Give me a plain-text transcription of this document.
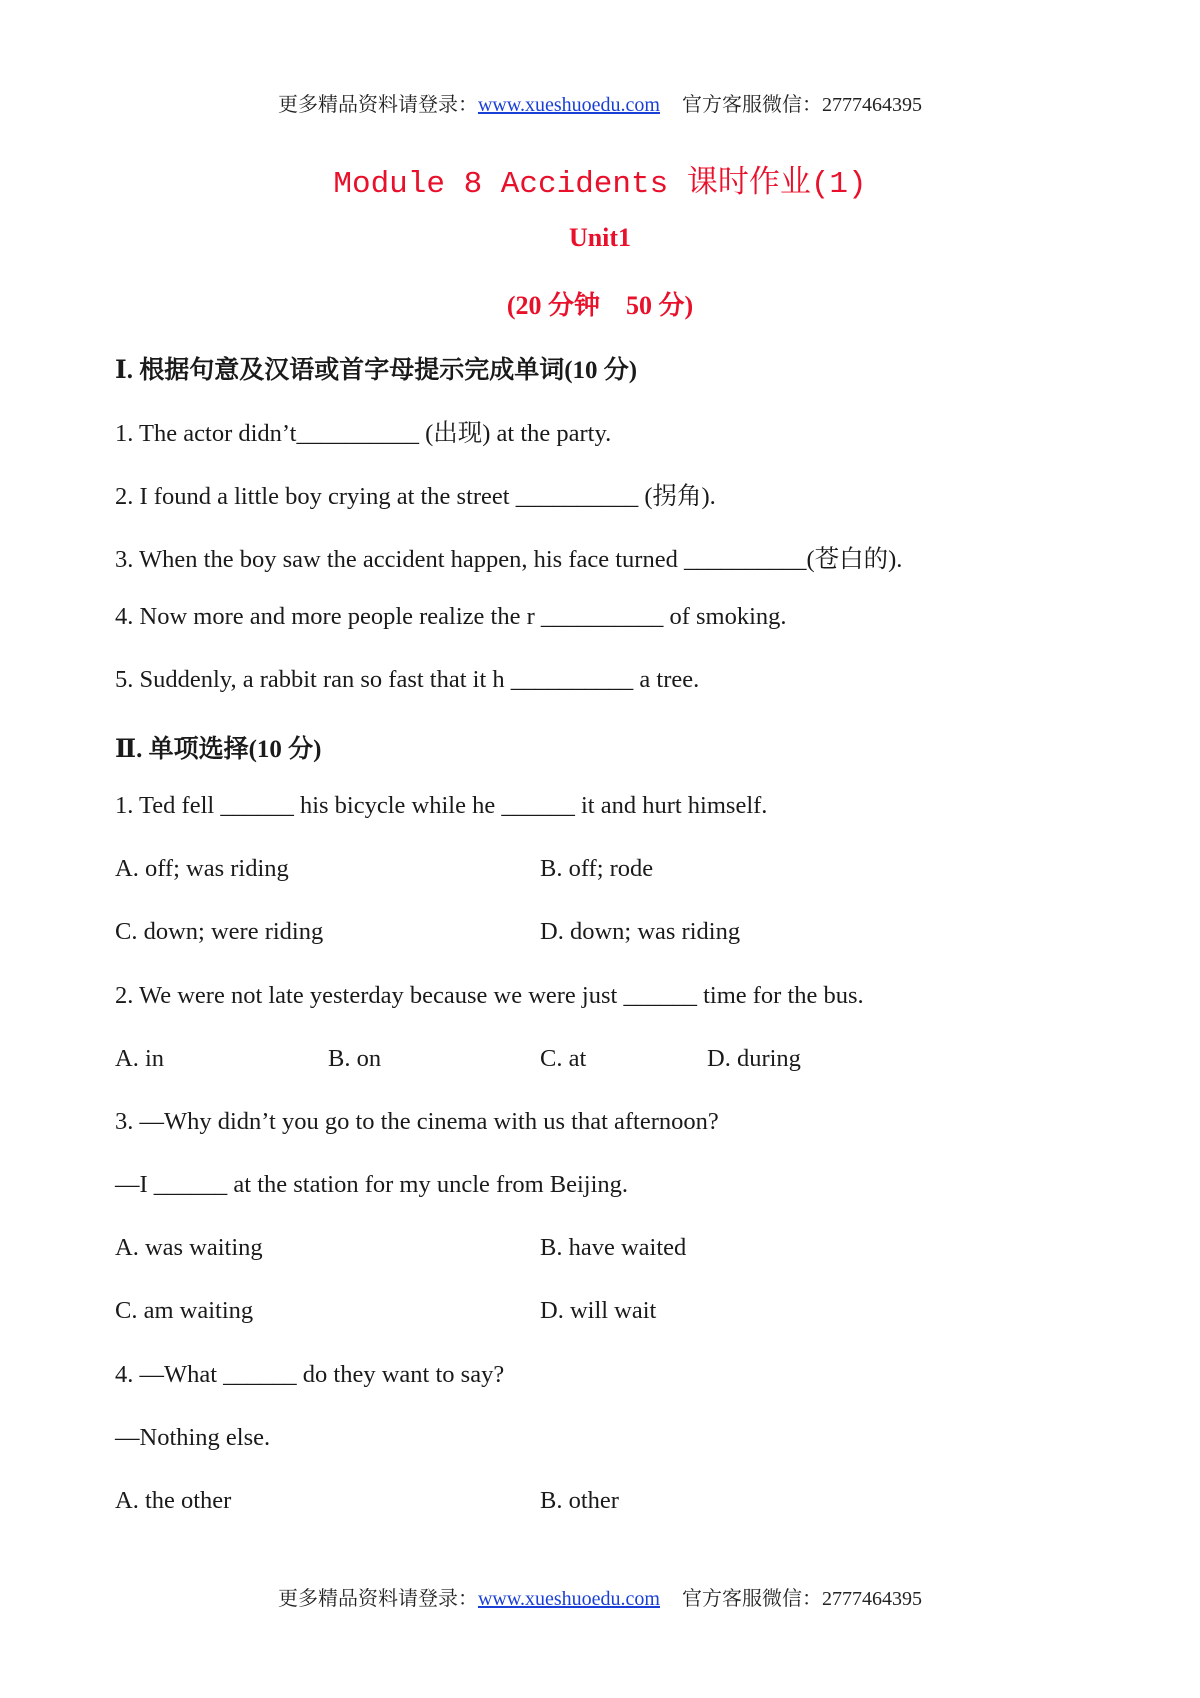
更多精品资料请登录：www.xueshuoedu.com 官方客服微信：2777464395
Module 8 Accidents 课时作业(1)
Unit1
(20 分钟　50 分)
Ⅰ. 根据句意及汉语或首字母提示完成单词(10 分)
1. The actor didn’t__________ (出现) at the party.
2. I found a little boy crying at the street __________ (拐角).
3. When the boy saw the accident happen, his face turned __________(苍白的).
4. Now more and more people realize the r __________ of smoking.
5. Suddenly, a rabbit ran so fast that it h __________ a tree.
Ⅱ. 单项选择(10 分)
1. Ted fell ______ his bicycle while he ______ it and hurt himself.
A. off; was riding	B. off; rode
C. down; were riding	D. down; was riding
2. We were not late yesterday because we were just ______ time for the bus.
A. in	B. on	C. at	D. during
3. —Why didn’t you go to the cinema with us that afternoon?
—I ______ at the station for my uncle from Beijing.
A. was waiting	B. have waited
C. am waiting	D. will wait
4. —What ______ do they want to say?
—Nothing else.
A. the other	B. other
更多精品资料请登录：www.xueshuoedu.com 官方客服微信：2777464395
